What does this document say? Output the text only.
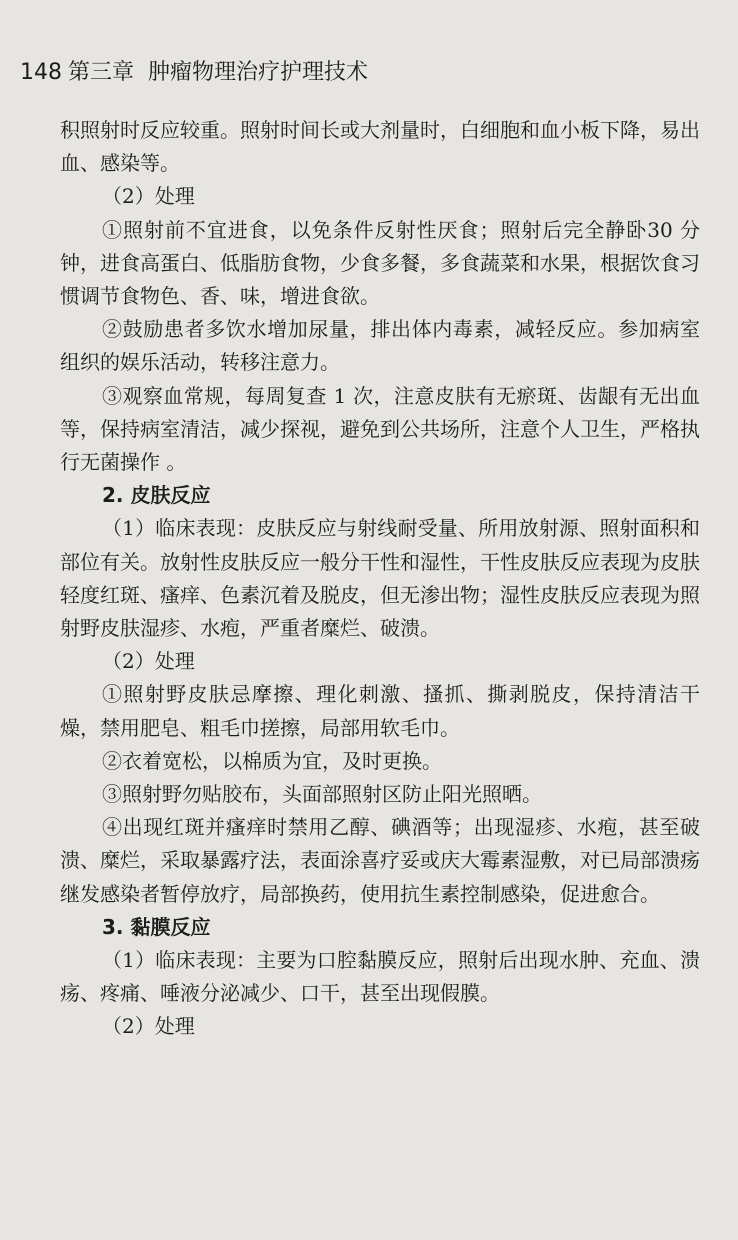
148 第三章 肿瘤物理治疗护理技术

积照射时反应较重。照射时间长或大剂量时，白细胞和血小板下降，易出血、感染等。

（2）处理

①照射前不宜进食，以免条件反射性厌食；照射后完全静卧30 分钟，进食高蛋白、低脂肪食物，少食多餐，多食蔬菜和水果，根据饮食习惯调节食物色、香、味，增进食欲。

②鼓励患者多饮水增加尿量，排出体内毒素，减轻反应。参加病室组织的娱乐活动，转移注意力。

③观察血常规，每周复查 1 次，注意皮肤有无瘀斑、齿龈有无出血等，保持病室清洁，减少探视，避免到公共场所，注意个人卫生，严格执行无菌操作 。

2. 皮肤反应

（1）临床表现：皮肤反应与射线耐受量、所用放射源、照射面积和部位有关。放射性皮肤反应一般分干性和湿性，干性皮肤反应表现为皮肤轻度红斑、瘙痒、色素沉着及脱皮，但无渗出物；湿性皮肤反应表现为照射野皮肤湿疹、水疱，严重者糜烂、破溃。

（2）处理

①照射野皮肤忌摩擦、理化刺激、搔抓、撕剥脱皮，保持清洁干燥，禁用肥皂、粗毛巾搓擦，局部用软毛巾。

②衣着宽松，以棉质为宜，及时更换。

③照射野勿贴胶布，头面部照射区防止阳光照晒。

④出现红斑并瘙痒时禁用乙醇、碘酒等；出现湿疹、水疱，甚至破溃、糜烂，采取暴露疗法，表面涂喜疗妥或庆大霉素湿敷，对已局部溃疡继发感染者暂停放疗，局部换药，使用抗生素控制感染，促进愈合。

3. 黏膜反应

（1）临床表现：主要为口腔黏膜反应，照射后出现水肿、充血、溃疡、疼痛、唾液分泌减少、口干，甚至出现假膜。

（2）处理
